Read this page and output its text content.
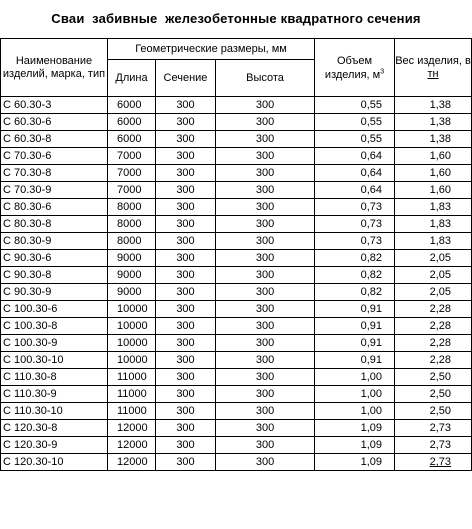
Сваи  забивные  железобетонные квадратного сечения
Наименование изделий, марка, тип	Геометрические размеры, мм			Объем изделия, $м^3$	Вес изделия, в тн
	Длина	Сечение	Высота		
С 60.30-3	6000	300	300	0,55	1,38
С 60.30-6	6000	300	300	0,55	1,38
С 60.30-8	6000	300	300	0,55	1,38
С 70.30-6	7000	300	300	0,64	1,60
С 70.30-8	7000	300	300	0,64	1,60
С 70.30-9	7000	300	300	0,64	1,60
С 80.30-6	8000	300	300	0,73	1,83
С 80.30-8	8000	300	300	0,73	1,83
С 80.30-9	8000	300	300	0,73	1,83
С 90.30-6	9000	300	300	0,82	2,05
С 90.30-8	9000	300	300	0,82	2,05
С 90.30-9	9000	300	300	0,82	2,05
С 100.30-6	10000	300	300	0,91	2,28
С 100.30-8	10000	300	300	0,91	2,28
С 100.30-9	10000	300	300	0,91	2,28
С 100.30-10	10000	300	300	0,91	2,28
С 110.30-8	11000	300	300	1,00	2,50
С 110.30-9	11000	300	300	1,00	2,50
С 110.30-10	11000	300	300	1,00	2,50
С 120.30-8	12000	300	300	1,09	2,73
С 120.30-9	12000	300	300	1,09	2,73
С 120.30-10	12000	300	300	1,09	2,73
